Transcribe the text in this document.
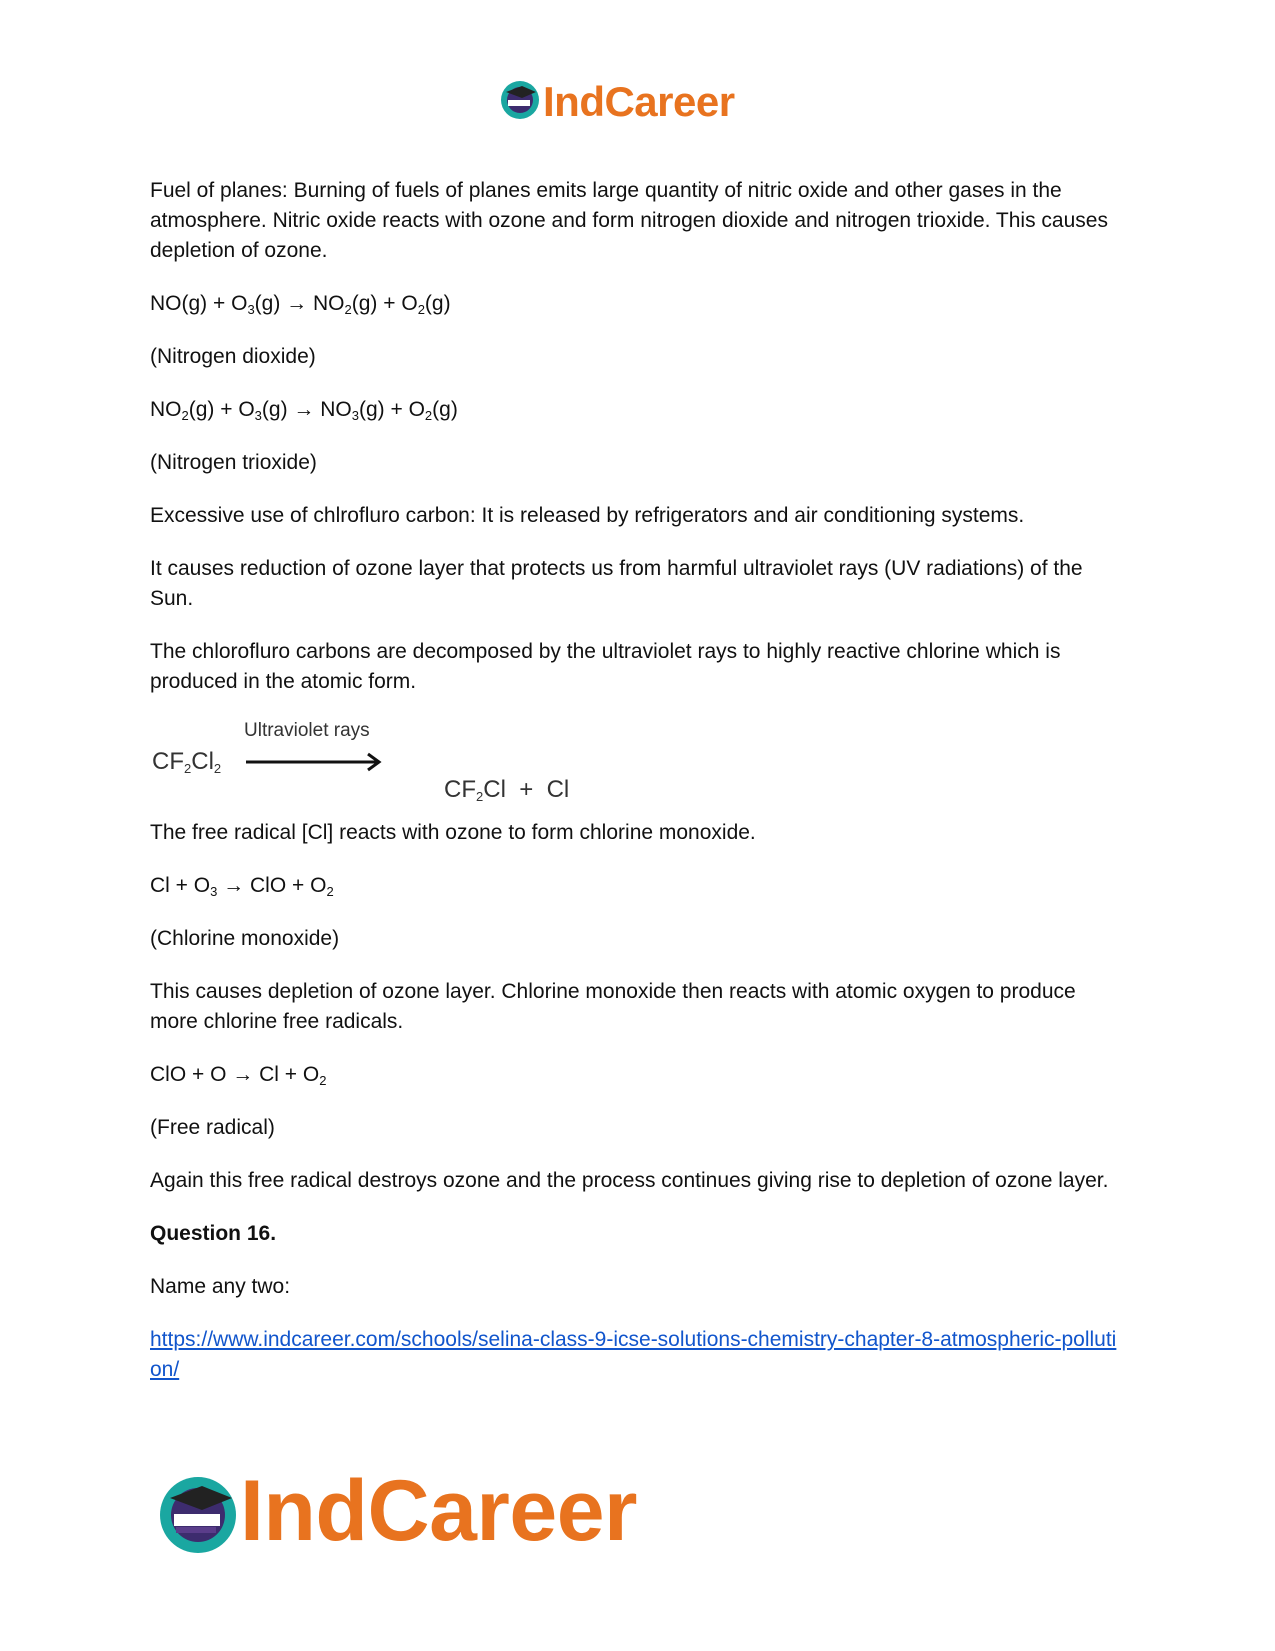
IndCareer

Fuel of planes: Burning of fuels of planes emits large quantity of nitric oxide and other gases in the atmosphere. Nitric oxide reacts with ozone and form nitrogen dioxide and nitrogen trioxide. This causes depletion of ozone.

$NO(g) + O_3(g) \to NO_2(g) + O_2(g)$

(Nitrogen dioxide)

$NO_2(g) + O_3(g) \to NO_3(g) + O_2(g)$

(Nitrogen trioxide)

Excessive use of chlrofluro carbon: It is released by refrigerators and air conditioning systems.

It causes reduction of ozone layer that protects us from harmful ultraviolet rays (UV radiations) of the Sun.

The chlorofluro carbons are decomposed by the ultraviolet rays to highly reactive chlorine which is produced in the atomic form.

$CF_2Cl_2$
Ultraviolet rays

$CF_2Cl + Cl$

The free radical [Cl] reacts with ozone to form chlorine monoxide.

$Cl + O_3$ → ClO + $O_2$

(Chlorine monoxide)

This causes depletion of ozone layer. Chlorine monoxide then reacts with atomic oxygen to produce more chlorine free radicals.

ClO + $O \to Cl + O_2$

(Free radical)

Again this free radical destroys ozone and the process continues giving rise to depletion of ozone layer.

Question 16.

Name any two:

https://www.indcareer.com/schools/selina-class-9-icse-solutions-chemistry-chapter-8-atmospheric-pollution/

IndCareer
